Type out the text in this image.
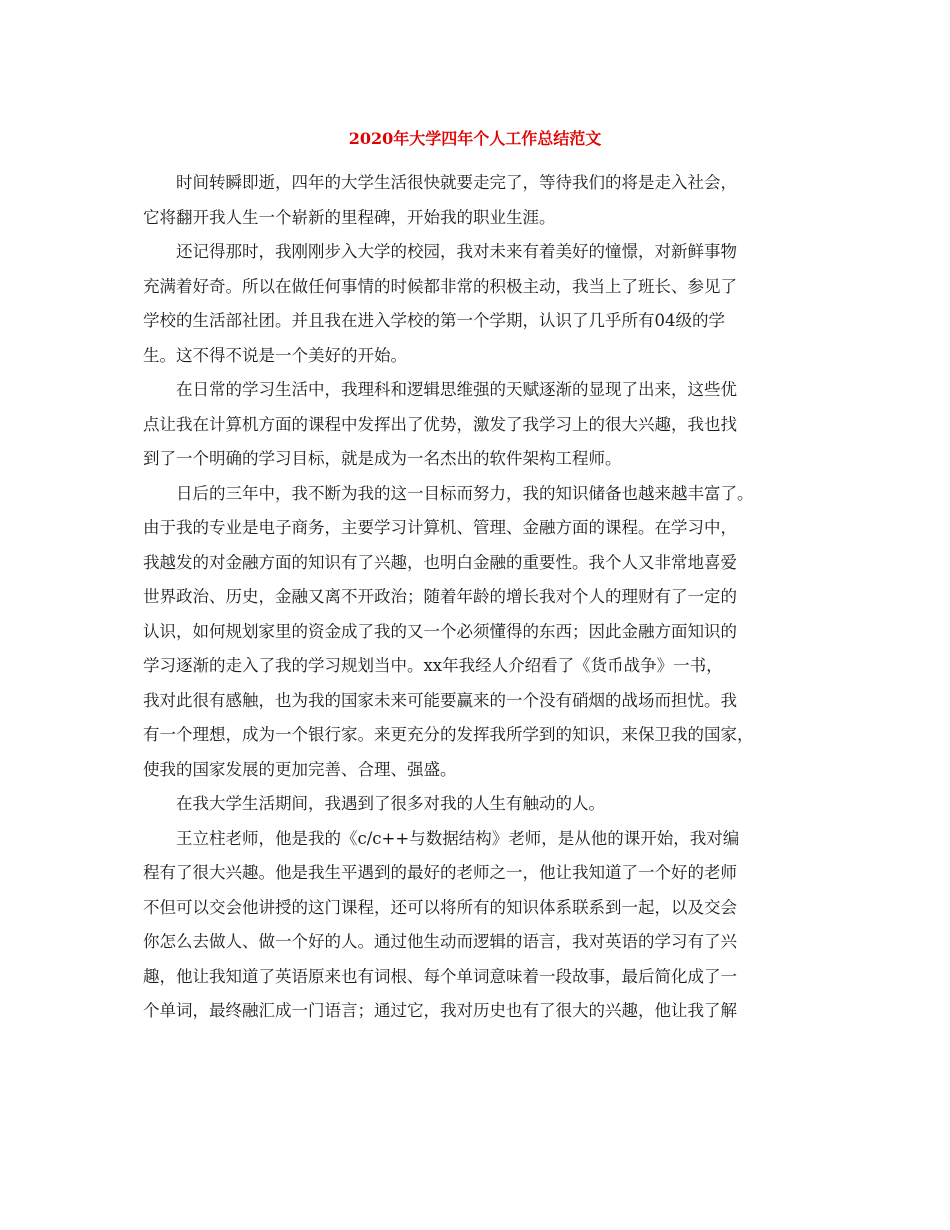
2020年大学四年个人工作总结范文
时间转瞬即逝，四年的大学生活很快就要走完了，等待我们的将是走入社会，
它将翻开我人生一个崭新的里程碑，开始我的职业生涯。
还记得那时，我刚刚步入大学的校园，我对未来有着美好的憧憬，对新鲜事物
充满着好奇。所以在做任何事情的时候都非常的积极主动，我当上了班长、参见了
学校的生活部社团。并且我在进入学校的第一个学期，认识了几乎所有04级的学
生。这不得不说是一个美好的开始。
在日常的学习生活中，我理科和逻辑思维强的天赋逐渐的显现了出来，这些优
点让我在计算机方面的课程中发挥出了优势，激发了我学习上的很大兴趣，我也找
到了一个明确的学习目标，就是成为一名杰出的软件架构工程师。
日后的三年中，我不断为我的这一目标而努力，我的知识储备也越来越丰富了。
由于我的专业是电子商务，主要学习计算机、管理、金融方面的课程。在学习中，
我越发的对金融方面的知识有了兴趣，也明白金融的重要性。我个人又非常地喜爱
世界政治、历史，金融又离不开政治；随着年龄的增长我对个人的理财有了一定的
认识，如何规划家里的资金成了我的又一个必须懂得的东西；因此金融方面知识的
学习逐渐的走入了我的学习规划当中。xx年我经人介绍看了《货币战争》一书，
我对此很有感触，也为我的国家未来可能要赢来的一个没有硝烟的战场而担忧。我
有一个理想，成为一个银行家。来更充分的发挥我所学到的知识，来保卫我的国家，
使我的国家发展的更加完善、合理、强盛。
在我大学生活期间，我遇到了很多对我的人生有触动的人。
王立柱老师，他是我的《c/c++与数据结构》老师，是从他的课开始，我对编
程有了很大兴趣。他是我生平遇到的最好的老师之一，他让我知道了一个好的老师
不但可以交会他讲授的这门课程，还可以将所有的知识体系联系到一起，以及交会
你怎么去做人、做一个好的人。通过他生动而逻辑的语言，我对英语的学习有了兴
趣，他让我知道了英语原来也有词根、每个单词意味着一段故事，最后简化成了一
个单词，最终融汇成一门语言；通过它，我对历史也有了很大的兴趣，他让我了解
